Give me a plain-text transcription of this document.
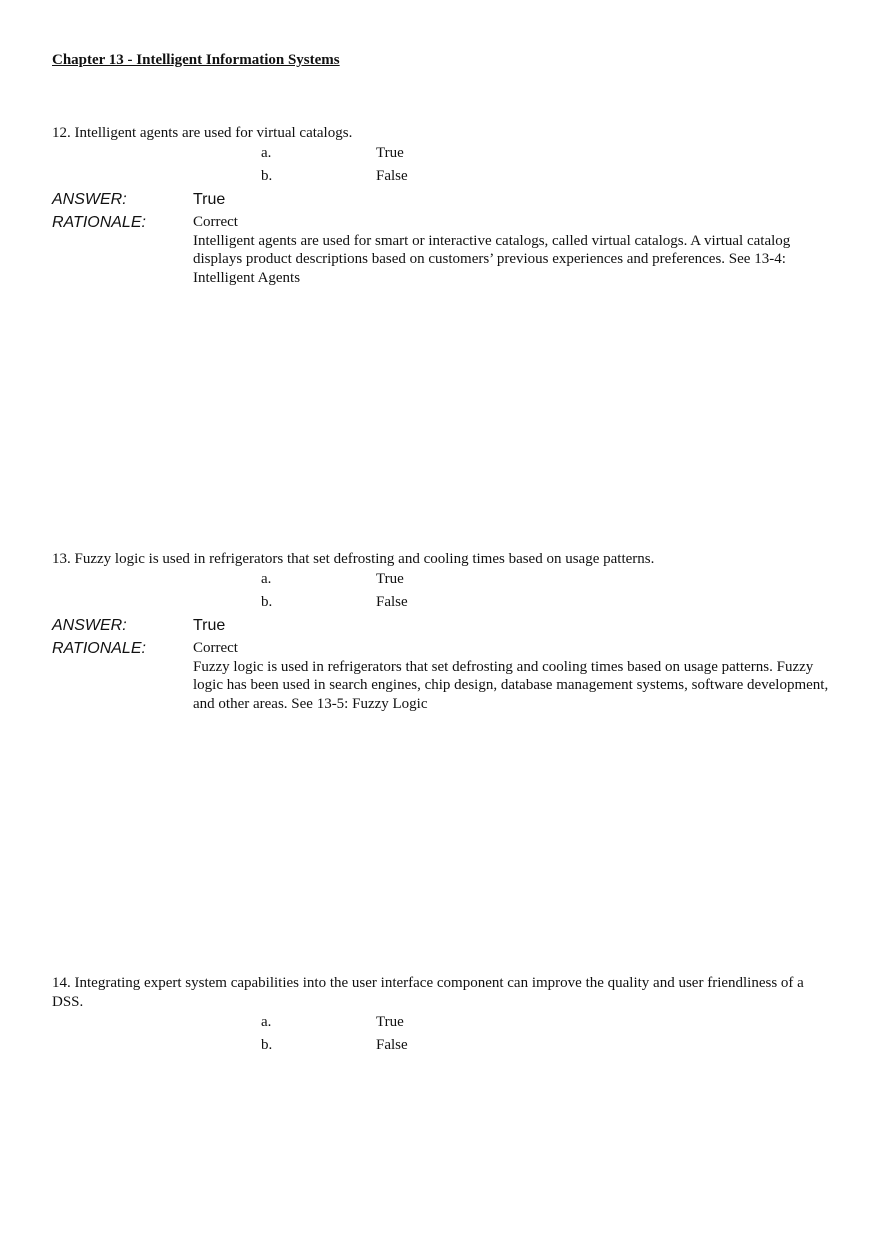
Chapter 13 - Intelligent Information Systems

12. Intelligent agents are used for virtual catalogs.

a.	True
b.	False
ANSWER:	True
RATIONALE:	Correct
Intelligent agents are used for smart or interactive catalogs, called virtual catalogs. A virtual catalog displays product descriptions based on customers’ previous experiences and preferences. See 13-4: Intelligent Agents

13. Fuzzy logic is used in refrigerators that set defrosting and cooling times based on usage patterns.

a.	True
b.	False
ANSWER:	True
RATIONALE:	Correct
Fuzzy logic is used in refrigerators that set defrosting and cooling times based on usage patterns. Fuzzy logic has been used in search engines, chip design, database management systems, software development, and other areas. See 13-5: Fuzzy Logic

14. Integrating expert system capabilities into the user interface component can improve the quality and user friendliness of a DSS.

a.	True
b.	False
